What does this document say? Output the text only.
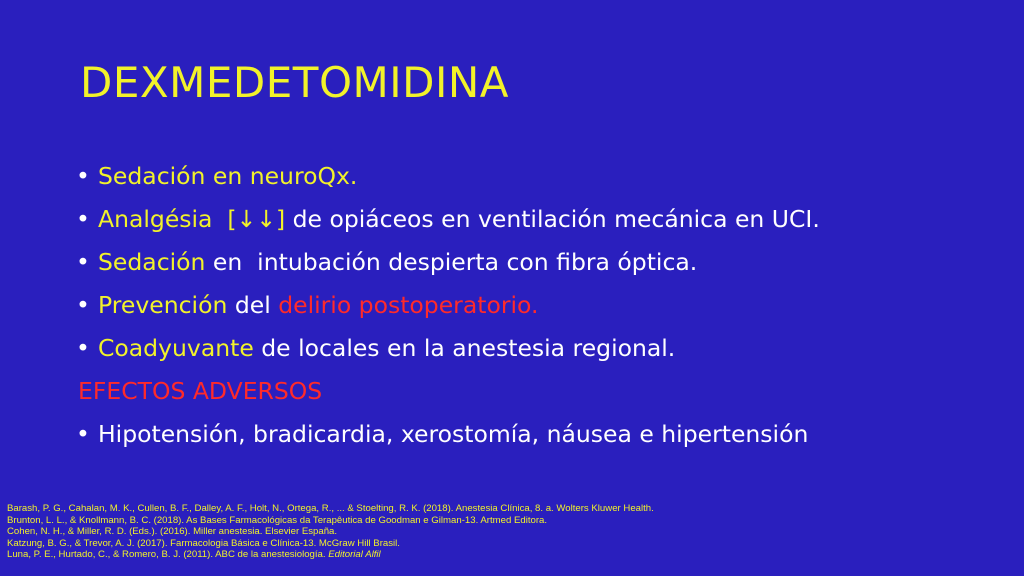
DEXMEDETOMIDINA
• Sedación en neuroQx.
• Analgésia  [↓↓] de opiáceos en ventilación mecánica en UCI.
• Sedación en  intubación despierta con fibra óptica.
• Prevención del delirio postoperatorio.
• Coadyuvante de locales en la anestesia regional.
EFECTOS ADVERSOS
• Hipotensión, bradicardia, xerostomía, náusea e hipertensión
Barash, P. G., Cahalan, M. K., Cullen, B. F., Dalley, A. F., Holt, N., Ortega, R., ... & Stoelting, R. K. (2018). Anestesia Clínica, 8. a. Wolters Kluwer Health.
Brunton, L. L., & Knollmann, B. C. (2018). As Bases Farmacológicas da Terapêutica de Goodman e Gilman-13. Artmed Editora.
Cohen, N. H., & Miller, R. D. (Eds.). (2016). Miller anestesia. Elsevier España.
Katzung, B. G., & Trevor, A. J. (2017). Farmacologia Básica e Clínica-13. McGraw Hill Brasil.
Luna, P. E., Hurtado, C., & Romero, B. J. (2011). ABC de la anestesiología. Editorial Alfil
